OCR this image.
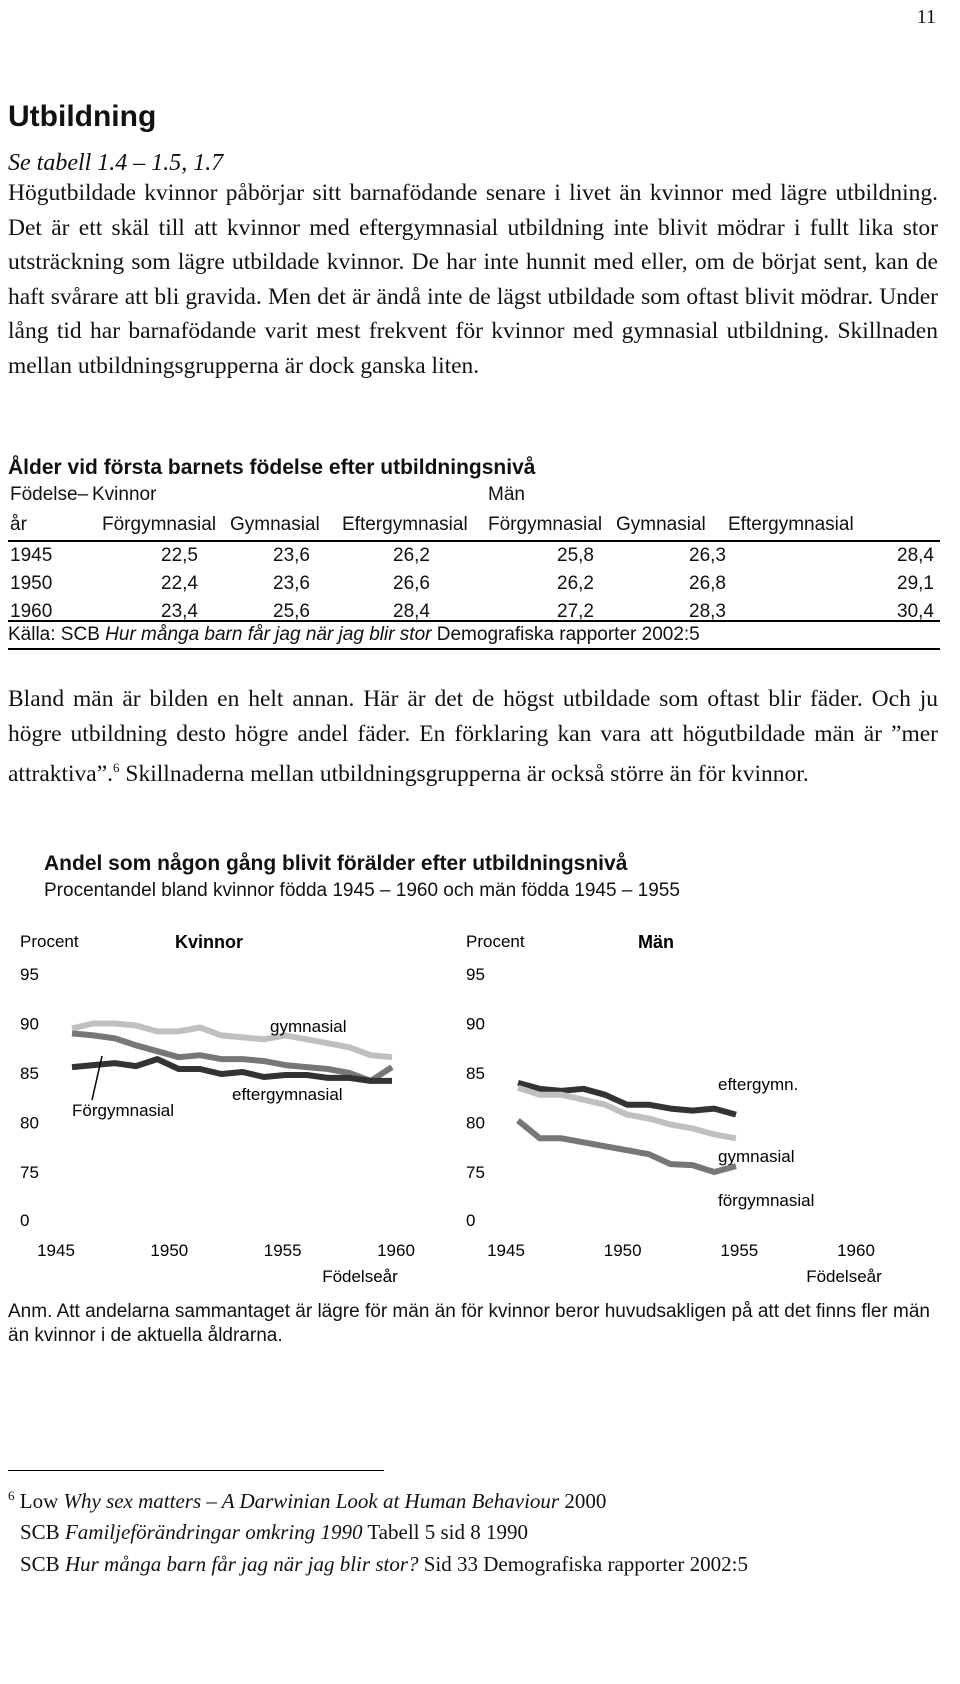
11
Utbildning
Se tabell 1.4 – 1.5, 1.7

Högutbildade kvinnor påbörjar sitt barnafödande senare i livet än kvinnor med lägre utbildning. Det är ett skäl till att kvinnor med eftergymnasial utbildning inte blivit mödrar i fullt lika stor utsträckning som lägre utbildade kvinnor. De har inte hunnit med eller, om de börjat sent, kan de haft svårare att bli gravida. Men det är ändå inte de lägst utbildade som oftast blivit mödrar. Under lång tid har barnafödande varit mest frekvent för kvinnor med gymnasial utbildning. Skillnaden mellan utbildningsgrupperna är dock ganska liten.

Ålder vid första barnets födelse efter utbildningsnivå
Födelse–	Kvinnor			Män		
år	Förgymnasial	Gymnasial	Eftergymnasial	Förgymnasial	Gymnasial	Eftergymnasial
1945	22,5	23,6	26,2	25,8	26,3	28,4
1950	22,4	23,6	26,6	26,2	26,8	29,1
1960	23,4	25,6	28,4	27,2	28,3	30,4
Källa: SCB Hur många barn får jag när jag blir stor Demografiska rapporter 2002:5

Bland män är bilden en helt annan. Här är det de högst utbildade som oftast blir fäder. Och ju högre utbildning desto högre andel fäder. En förklaring kan vara att högutbildade män är ”mer attraktiva”.$^6$ Skillnaderna mellan utbildningsgrupperna är också större än för kvinnor.

Andel som någon gång blivit förälder efter utbildningsnivå
Procentandel bland kvinnor födda 1945 – 1960 och män födda 1945 – 1955
Procent	Kvinnor
95
90
85
80
75
0
1945	1950	1955	1960
Födelseår
gymnasial
Förgymnasial
eftergymnasial
Procent	Män
95
90
85
80
75
0
1945	1950	1955	1960
Födelseår
eftergymn.
gymnasial
förgymnasial
Anm. Att andelarna sammantaget är lägre för män än för kvinnor beror huvudsakligen på att det finns fler män än kvinnor i de aktuella åldrarna.
$^6$ Low Why sex matters – A Darwinian Look at Human Behaviour 2000
SCB Familjeförändringar omkring 1990 Tabell 5 sid 8 1990
SCB Hur många barn får jag när jag blir stor? Sid 33 Demografiska rapporter 2002:5
